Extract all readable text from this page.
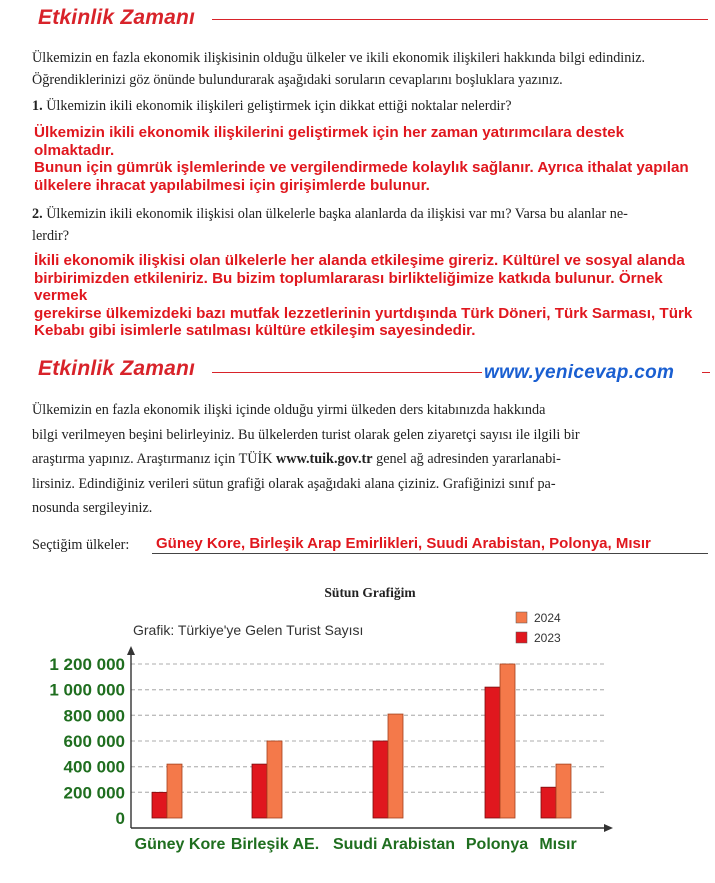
Etkinlik Zamanı
Ülkemizin en fazla ekonomik ilişkisinin olduğu ülkeler ve ikili ekonomik ilişkileri hakkında bilgi edindiniz.
Öğrendiklerinizi göz önünde bulundurarak aşağıdaki soruların cevaplarını boşluklara yazınız.
1. Ülkemizin ikili ekonomik ilişkileri geliştirmek için dikkat ettiği noktalar nelerdir?
Ülkemizin ikili ekonomik ilişkilerini geliştirmek için her zaman yatırımcılara destek olmaktadır.
Bunun için gümrük işlemlerinde ve vergilendirmede kolaylık sağlanır. Ayrıca ithalat yapılan
ülkelere ihracat yapılabilmesi için girişimlerde bulunur.
2. Ülkemizin ikili ekonomik ilişkisi olan ülkelerle başka alanlarda da ilişkisi var mı? Varsa bu alanlar ne-
lerdir?
İkili ekonomik ilişkisi olan ülkelerle her alanda etkileşime gireriz. Kültürel ve sosyal alanda
birbirimizden etkileniriz. Bu bizim toplumlararası birlikteliğimize katkıda bulunur. Örnek vermek
gerekirse ülkemizdeki bazı mutfak lezzetlerinin yurtdışında Türk Döneri, Türk Sarması, Türk
Kebabı gibi isimlerle satılması kültüre etkileşim sayesindedir.
Etkinlik Zamanı	www.yenicevap.com
Ülkemizin en fazla ekonomik ilişki içinde olduğu yirmi ülkeden ders kitabınızda hakkında
bilgi verilmeyen beşini belirleyiniz. Bu ülkelerden turist olarak gelen ziyaretçi sayısı ile ilgili bir
araştırma yapınız. Araştırmanız için TÜİK www.tuik.gov.tr genel ağ adresinden yararlanabi-
lirsiniz. Edindiğiniz verileri sütun grafiği olarak aşağıdaki alana çiziniz. Grafiğinizi sınıf pa-
nosunda sergileyiniz.
Seçtiğim ülkeler: Güney Kore, Birleşik Arap Emirlikleri, Suudi Arabistan, Polonya, Mısır
Sütun Grafiğim
Grafik: Türkiye'ye Gelen Turist Sayısı
0
200 000
400 000
600 000
800 000
1 000 000
1 200 000
Güney Kore Birleşik AE. Suudi Arabistan Polonya Mısır
2024
2023
